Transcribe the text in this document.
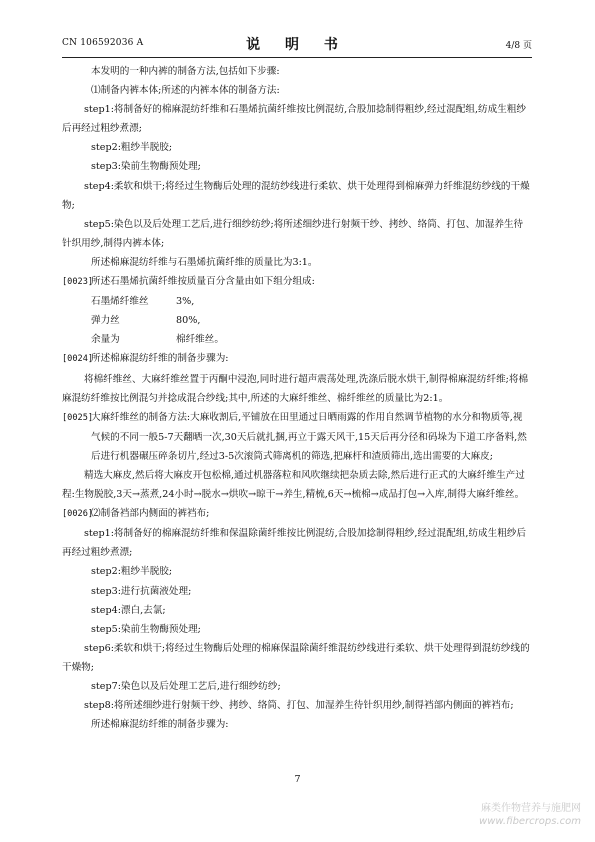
CN 106592036 A	说 明 书	4/8 页

本发明的一种内裤的制备方法,包括如下步骤:

⑴制备内裤本体;所述的内裤本体的制备方法:

step1:将制备好的棉麻混纺纤维和石墨烯抗菌纤维按比例混纺,合股加捻制得粗纱,经过混配组,纺成生粗纱后再经过粗纱煮漂;

step2:粗纱半脱胶;

step3:染前生物酶预处理;

step4:柔软和烘干;将经过生物酶后处理的混纺纱线进行柔软、烘干处理得到棉麻弹力纤维混纺纱线的干燥物;

step5:染色以及后处理工艺后,进行细纱纺纱;将所述细纱进行射频干纱、拷纱、络筒、打包、加湿养生待针织用纱,制得内裤本体;

所述棉麻混纺纤维与石墨烯抗菌纤维的质量比为3:1。

[0023]所述石墨烯抗菌纤维按质量百分含量由如下组分组成:

石墨烯纤维丝	3%,
弹力丝	80%,
余量为	棉纤维丝。

[0024]所述棉麻混纺纤维的制备步骤为:

将棉纤维丝、大麻纤维丝置于丙酮中浸泡,同时进行超声震荡处理,洗涤后脱水烘干,制得棉麻混纺纤维;将棉麻混纺纤维按比例混匀并捻成混合纱线;其中,所述的大麻纤维丝、棉纤维丝的质量比为2:1。

[0025]大麻纤维丝的制备方法:大麻收割后,平铺放在田里通过日晒雨露的作用自然调节植物的水分和物质等,视气候的不同一般5-7天翻晒一次,30天后就扎捆,再立于露天风干,15天后再分径和码垛为下道工序备料,然后进行机器碾压碎条切片,经过3-5次滚筒式筛离机的筛选,把麻杆和渣质筛出,选出需要的大麻皮;

精选大麻皮,然后将大麻皮开包松棉,通过机器落粒和风吹继续把杂质去除,然后进行正式的大麻纤维生产过程:生物脱胶,3天→蒸煮,24小时→脱水→烘吹→晾干→养生,精梳,6天→梳棉→成品打包→入库,制得大麻纤维丝。

[0026]⑵制备裆部内侧面的裤裆布;

step1:将制备好的棉麻混纺纤维和保温除菌纤维按比例混纺,合股加捻制得粗纱,经过混配组,纺成生粗纱后再经过粗纱煮漂;

step2:粗纱半脱胶;

step3:进行抗菌液处理;

step4:漂白,去氯;

step5:染前生物酶预处理;

step6:柔软和烘干;将经过生物酶后处理的棉麻保温除菌纤维混纺纱线进行柔软、烘干处理得到混纺纱线的干燥物;

step7:染色以及后处理工艺后,进行细纱纺纱;

step8:将所述细纱进行射频干纱、拷纱、络筒、打包、加湿养生待针织用纱,制得裆部内侧面的裤裆布;

所述棉麻混纺纤维的制备步骤为:

7
麻类作物营养与施肥网
www.fibercrops.com
